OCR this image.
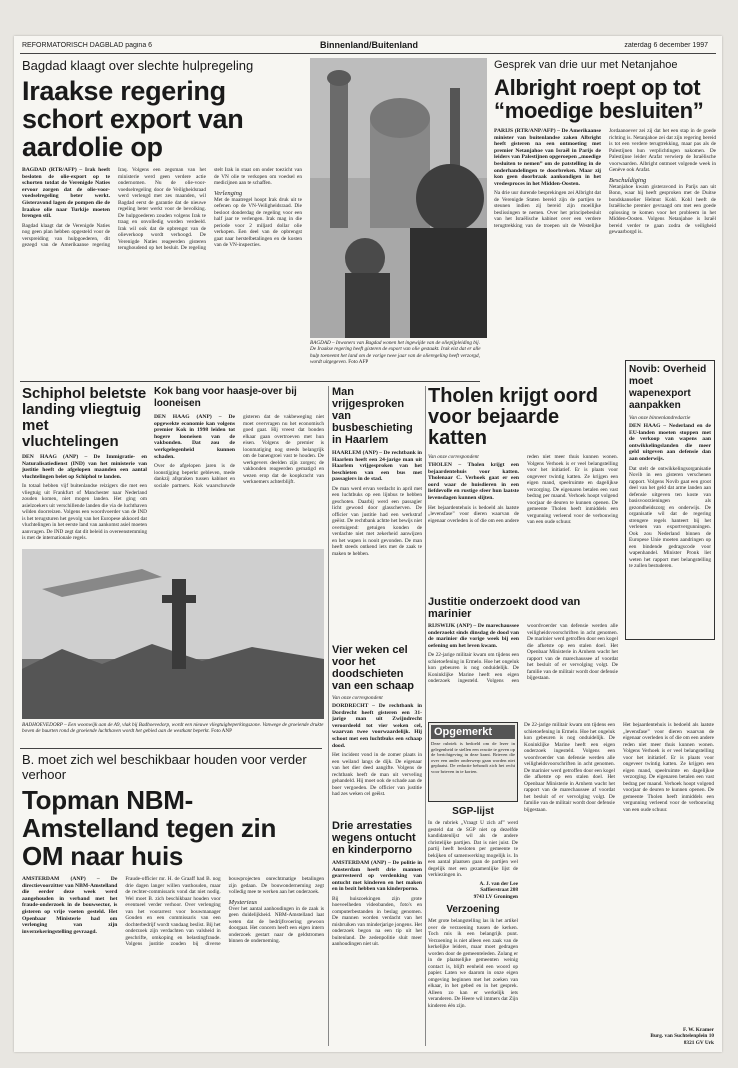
REFORMATORISCH DAGBLAD pagina 6	Binnenland/Buitenland	zaterdag 6 december 1997
Bagdad klaagt over slechte hulpregeling
Iraakse regering schort export van aardolie op
BAGDAD (RTR/AFP) – Irak heeft besloten de olie-export op te schorten totdat de Verenigde Naties ervoor zorgen dat de olie-voor-voedselregeling beter werkt. Gisteravond lagen de pompen die de Iraakse olie naar Turkije moeten brengen stil.
Bagdad klaagt dat de Verenigde Naties nog geen plan hebben opgesteld voor de verspreiding van hulpgoederen, dit gezegd van de Amerikaanse regering Iraq. Volgens een zegsman van het ministerie werd geen verdere actie ondernomen. Nu de olie-voor-voedselregeling door de Veiligheidsraad werd verlengd met zes maanden, wil Bagdad eerst de garantie dat de nieuwe regeling beter werkt voor de bevolking. De hulpgoederen zouden volgens Irak te traag en onvolledig worden verdeeld. Irak wil ook dat de opbrengst van de olieverkoop wordt verhoogd. De Verenigde Naties reageerden gisteren terughoudend op het besluit. De regeling stelt Irak in staat om onder toezicht van de VN olie te verkopen om voedsel en medicijnen aan te schaffen.
Verlenging
Met de maatregel hoopt Irak druk uit te oefenen op de VN-Veiligheidsraad. Die besloot donderdag de regeling voor een half jaar te verlengen. Irak mag in die periode voor 2 miljard dollar olie verkopen. Een deel van de opbrengst gaat naar herstelbetalingen en de kosten van de VN-inspecties.
BAGDAD – Inwoners van Bagdad wonen het ingewijde van de oliepijpleiding bij. De Iraakse regering heeft gisteren de export van olie gestaakt. Irak eist dat er alle hulp toeneemt het land om de vorige twee jaar van de olieregeling heeft verzorgd, wordt uitgegeven. Foto AFP
Gesprek van drie uur met Netanjahoe
Albright roept op tot “moedige besluiten”
PARIJS (RTR/ANP/AFP) – De Amerikaanse minister van buitenlandse zaken Albright heeft gisteren na een ontmoeting met premier Netanjahoe van Israël in Parijs de leiders van Palestijnen opgeroepen „moedige besluiten te nemen” om de patstelling in de onderhandelingen te doorbreken. Maar zij kon geen doorbraak aankondigen in het vredesproces in het Midden-Oosten.
Na drie uur durende besprekingen zei Albright dat de Verenigde Staten bereid zijn de partijen te steunen indien zij bereid zijn moeilijke beslissingen te nemen. Over het principebesluit van het Israëlische kabinet over een verdere terugtrekking van de troepen uit de Westelijke Jordaanoever zei zij dat het een stap in de goede richting is. Netanjahoe zei dat zijn regering bereid is tot een verdere terugtrekking, maar pas als de Palestijnen hun verplichtingen nakomen. De Palestijnse leider Arafat verwierp de Israëlische voorwaarden. Albright ontmoet volgende week in Genève ook Arafat.
Beschuldiging
Netanjahoe kwam gisteravond in Parijs aan uit Bonn, waar hij heeft gesproken met de Duitse bondskanselier Helmut Kohl. Kohl heeft de Israëlische premier gevraagd om met een goede oplossing te komen voor het probleem in het Midden-Oosten. Volgens Netanjahoe is Israël bereid verder te gaan zodra de veiligheid gewaarborgd is.
Schiphol beletste landing vliegtuig met vluchtelingen
DEN HAAG (ANP) – De Immigratie- en Naturalisatiedienst (IND) van het ministerie van justitie heeft de afgelopen maanden een aantal vluchtelingen belet op Schiphol te landen.
In totaal hebben vijf buitenlandse reizigers die met een vliegtuig uit Frankfurt of Manchester naar Nederland zouden komen, niet mogen landen. Het ging om asielzoekers uit verschillende landen die via de luchthaven wilden doorreizen. Volgens een woordvoerder van de IND is het terugsturen het gevolg van het Europese akkoord dat vluchtelingen in het eerste land van aankomst asiel moeten aanvragen. De IND zegt dat dit beleid in overeenstemming is met de internationale regels.
Kok bang voor haasje-over bij looneisen
DEN HAAG (ANP) – De opgewekte economie kan volgens premier Kok in 1998 leiden tot hogere looneisen van de vakbonden. Dat zou de werkgelegenheid kunnen schaden.
Over de afgelopen jaren is de loonstijging beperkt gebleven, mede dankzij afspraken tussen kabinet en sociale partners. Kok waarschuwde gisteren dat de vakbeweging niet moet overvragen nu het economisch goed gaat. Hij vreest dat bonden elkaar gaan overtroeven met hun eisen. Volgens de premier is loonmatiging nog steeds belangrijk om de banengroei vast te houden. De werkgevers deelden zijn zorgen; de vakbonden reageerden gematigd en wezen erop dat de koopkracht van werknemers achterblijft.
Man vrijgesproken van busbeschieting in Haarlem
HAARLEM (ANP) – De rechtbank in Haarlem heeft een 24-jarige man uit Haarlem vrijgesproken van het beschieten van een bus met passagiers in de stad.
De man werd ervan verdacht in april met een luchtbuks op een lijnbus te hebben geschoten. Daarbij werd een passagier licht gewond door glasscherven. De officier van justitie had een werkstraf geëist. De rechtbank achtte het bewijs niet overtuigend: getuigen konden de verdachte niet met zekerheid aanwijzen en het wapen is nooit gevonden. De man heeft steeds ontkend iets met de zaak te maken te hebben.
Tholen krijgt oord voor bejaarde katten
Van onze correspondent
THOLEN – Tholen krijgt een bejaardentehuis voor katten. Tholenaar C. Verhoek gaat er een oord waar de huisdieren in een liefdevolle en rustige sfeer hun laatste levensdagen kunnen slijten.
Het bejaardentehuis is bedoeld als laatste „levensfase” voor dieren waarvan de eigenaar overleden is of die om een andere reden niet meer thuis kunnen wonen. Volgens Verhoek is er veel belangstelling voor het initiatief. Er is plaats voor ongeveer twintig katten. Ze krijgen een eigen mand, speelruimte en dagelijkse verzorging. De eigenaren betalen een vast bedrag per maand. Verhoek hoopt volgend voorjaar de deuren te kunnen openen. De gemeente Tholen heeft inmiddels een vergunning verleend voor de verbouwing van een oude schuur.
Novib: Overheid moet wapenexport aanpakken
Van onze binnenlandredactie
DEN HAAG – Nederland en de EU-landen moeten stoppen met de verkoop van wapens aan ontwikkelingslanden die meer geld uitgeven aan defensie dan aan onderwijs.
Dat stelt de ontwikkelingsorganisatie Novib in een gisteren verschenen rapport. Volgens Novib gaat een groot deel van het geld dat arme landen aan defensie uitgeven ten koste van basisvoorzieningen als gezondheidszorg en onderwijs. De organisatie wil dat de regering strengere regels hanteert bij het verlenen van exportvergunningen. Ook zou Nederland binnen de Europese Unie moeten aandringen op een bindende gedragscode voor wapenhandel. Minister Pronk liet weten het rapport met belangstelling te zullen bestuderen.
BADHOEVEDORP – Een woonwijk aan de A9, vlak bij Badhoevedorp, wordt een nieuwe vliegtuigbeperkingszone. Vanwege de groeiende drukte boven de buurten rond de groeiende luchthaven wordt het gebied aan de westkant beperkt. Foto ANP
Vier weken cel voor het doodschieten van een schaap
Van onze correspondent
DORDRECHT – De rechtbank in Dordrecht heeft gisteren een 31-jarige man uit Zwijndrecht veroordeeld tot vier weken cel, waarvan twee voorwaardelijk. Hij schoot met een luchtbuks een schaap dood.
Het incident vond in de zomer plaats in een weiland langs de dijk. De eigenaar van het dier deed aangifte. Volgens de rechtbank heeft de man uit verveling gehandeld. Hij moet ook de schade aan de boer vergoeden. De officier van justitie had zes weken cel geëist.
Justitie onderzoekt dood van marinier
RIJSWIJK (ANP) – De marechaussee onderzoekt sinds dinsdag de dood van de marinier die vorige week bij een oefening om het leven kwam.
De 22-jarige militair kwam om tijdens een schietoefening in Ermelo. Hoe het ongeluk kon gebeuren is nog onduidelijk. De Koninklijke Marine heeft een eigen onderzoek ingesteld. Volgens een woordvoerder van defensie werden alle veiligheidsvoorschriften in acht genomen. De marinier werd getroffen door een kogel die afketste op een stalen doel. Het Openbaar Ministerie in Arnhem wacht het rapport van de marechaussee af voordat het besluit of er vervolging volgt. De familie van de militair wordt door defensie bijgestaan.
Opgemerkt
Deze rubriek is bedoeld om de lezer in gelegenheid te stellen een reactie te geven op de berichtgeving in deze krant. Brieven die over een ander onderwerp gaan worden niet geplaatst. De redactie behoudt zich het recht voor brieven in te korten.
SGP-lijst
In de rubriek „Vraagt U zich af” werd gesteld dat de SGP niet op dezelfde kandidatenlijst wil als de andere christelijke partijen. Dat is niet juist. De partij heeft besloten per gemeente te bekijken of samenwerking mogelijk is. In een aantal plaatsen gaan de partijen wel degelijk met een gezamenlijke lijst de verkiezingen in.
A. J. van der Lee
Saffierstraat 208
9743 LV Groningen
Verzoening
Met grote belangstelling las ik het artikel over de verzoening tussen de kerken. Toch mis ik een belangrijk punt. Verzoening is niet alleen een zaak van de kerkelijke leiders, maar moet gedragen worden door de gemeenteleden. Zolang er in de plaatselijke gemeenten weinig contact is, blijft eenheid een woord op papier. Laten we daarom in onze eigen omgeving beginnen met het zoeken van elkaar, in het gebed en in het gesprek. Alleen zo kan er werkelijk iets veranderen. De Heere wil immers dat Zijn kinderen één zijn.
De 22-jarige militair kwam om tijdens een schietoefening in Ermelo. Hoe het ongeluk kon gebeuren is nog onduidelijk. De Koninklijke Marine heeft een eigen onderzoek ingesteld. Volgens een woordvoerder van defensie werden alle veiligheidsvoorschriften in acht genomen. De marinier werd getroffen door een kogel die afketste op een stalen doel. Het Openbaar Ministerie in Arnhem wacht het rapport van de marechaussee af voordat het besluit of er vervolging volgt. De familie van de militair wordt door defensie bijgestaan.
Het bejaardentehuis is bedoeld als laatste „levensfase” voor dieren waarvan de eigenaar overleden is of die om een andere reden niet meer thuis kunnen wonen. Volgens Verhoek is er veel belangstelling voor het initiatief. Er is plaats voor ongeveer twintig katten. Ze krijgen een eigen mand, speelruimte en dagelijkse verzorging. De eigenaren betalen een vast bedrag per maand. Verhoek hoopt volgend voorjaar de deuren te kunnen openen. De gemeente Tholen heeft inmiddels een vergunning verleend voor de verbouwing van een oude schuur.
F. W. Kramer
Burg. van Suchtelenplein 10
8321 GV Urk
B. moet zich wel beschikbaar houden voor verder verhoor
Topman NBM-Amstelland tegen zin OM naar huis
AMSTERDAM (ANP) – De directievoorzitter van NBM-Amstelland die eerder deze week werd aangehouden in verband met het fraude-onderzoek in de bouwsector, is gisteren op vrije voeten gesteld. Het Openbaar Ministerie had om verlenging van zijn inverzekeringstelling gevraagd.
Fraude-officier mr. H. de Graaff had B. nog drie dagen langer willen vasthouden, maar de rechter-commissaris vond dat niet nodig. Wel moet B. zich beschikbaar houden voor eventueel verder verhoor. Over verlenging van het voorarrest voor bouwmanager Gouden en een commissaris van een dochterbedrijf wordt vandaag beslist. Bij het onderzoek zijn verdachten van valsheid in geschrifte, omkoping en belastingfraude. Volgens justitie zouden bij diverse bouwprojecten onrechtmatige betalingen zijn gedaan. De bouwonderneming zegt volledig mee te werken aan het onderzoek.
Mysterieus
Over het aantal aanhoudingen in de zaak is geen duidelijkheid. NBM-Amstelland laat weten dat de bedrijfsvoering gewoon doorgaat. Het concern heeft een eigen intern onderzoek gestart naar de geldstromen binnen de onderneming.
Drie arrestaties wegens ontucht en kinderporno
AMSTERDAM (ANP) – De politie in Amsterdam heeft drie mannen gearresteerd op verdenking van ontucht met kinderen en het maken en in bezit hebben van kinderporno.
Bij huiszoekingen zijn grote hoeveelheden videobanden, foto's en computerbestanden in beslag genomen. De mannen worden verdacht van het misbruiken van minderjarige jongens. Het onderzoek begon na een tip uit het buitenland. De zedenpolitie sluit meer aanhoudingen niet uit.
